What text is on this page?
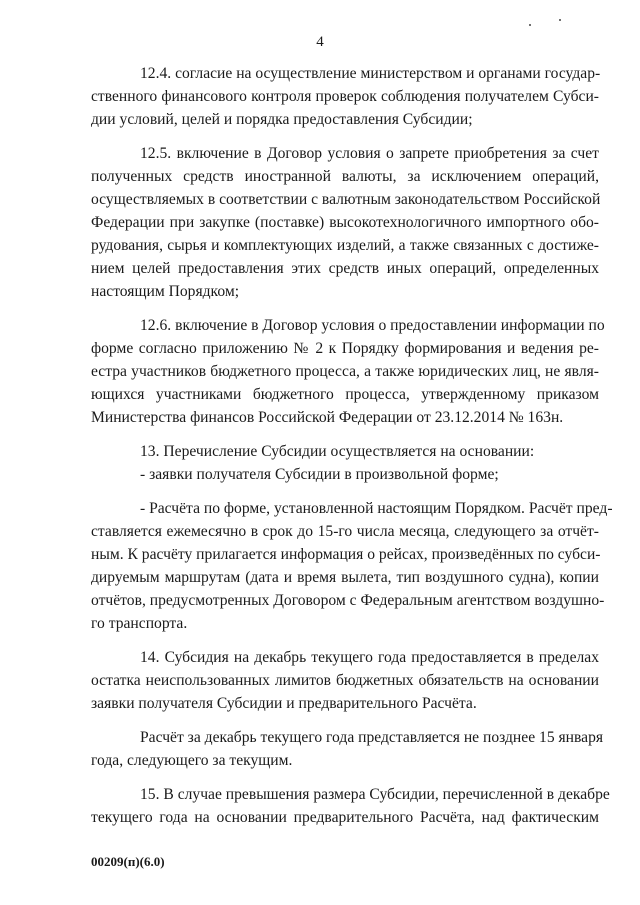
4
12.4. согласие на осуществление министерством и органами государ-
ственного финансового контроля проверок соблюдения получателем Субси-
дии условий, целей и порядка предоставления Субсидии;
12.5. включение в Договор условия о запрете приобретения за счет
полученных средств иностранной валюты, за исключением операций,
осуществляемых в соответствии с валютным законодательством Российской
Федерации при закупке (поставке) высокотехнологичного импортного обо-
рудования, сырья и комплектующих изделий, а также связанных с достиже-
нием целей предоставления этих средств иных операций, определенных
настоящим Порядком;
12.6. включение в Договор условия о предоставлении информации по
форме согласно приложению № 2 к Порядку формирования и ведения ре-
естра участников бюджетного процесса, а также юридических лиц, не явля-
ющихся участниками бюджетного процесса, утвержденному приказом
Министерства финансов Российской Федерации от 23.12.2014 № 163н.
13. Перечисление Субсидии осуществляется на основании:
- заявки получателя Субсидии в произвольной форме;
- Расчёта по форме, установленной настоящим Порядком. Расчёт пред-
ставляется ежемесячно в срок до 15-го числа месяца, следующего за отчёт-
ным. К расчёту прилагается информация о рейсах, произведённых по субси-
дируемым маршрутам (дата и время вылета, тип воздушного судна), копии
отчётов, предусмотренных Договором с Федеральным агентством воздушно-
го транспорта.
14. Субсидия на декабрь текущего года предоставляется в пределах
остатка неиспользованных лимитов бюджетных обязательств на основании
заявки получателя Субсидии и предварительного Расчёта.
Расчёт за декабрь текущего года представляется не позднее 15 января
года, следующего за текущим.
15. В случае превышения размера Субсидии, перечисленной в декабре
текущего года на основании предварительного Расчёта, над фактическим
00209(п)(6.0)
